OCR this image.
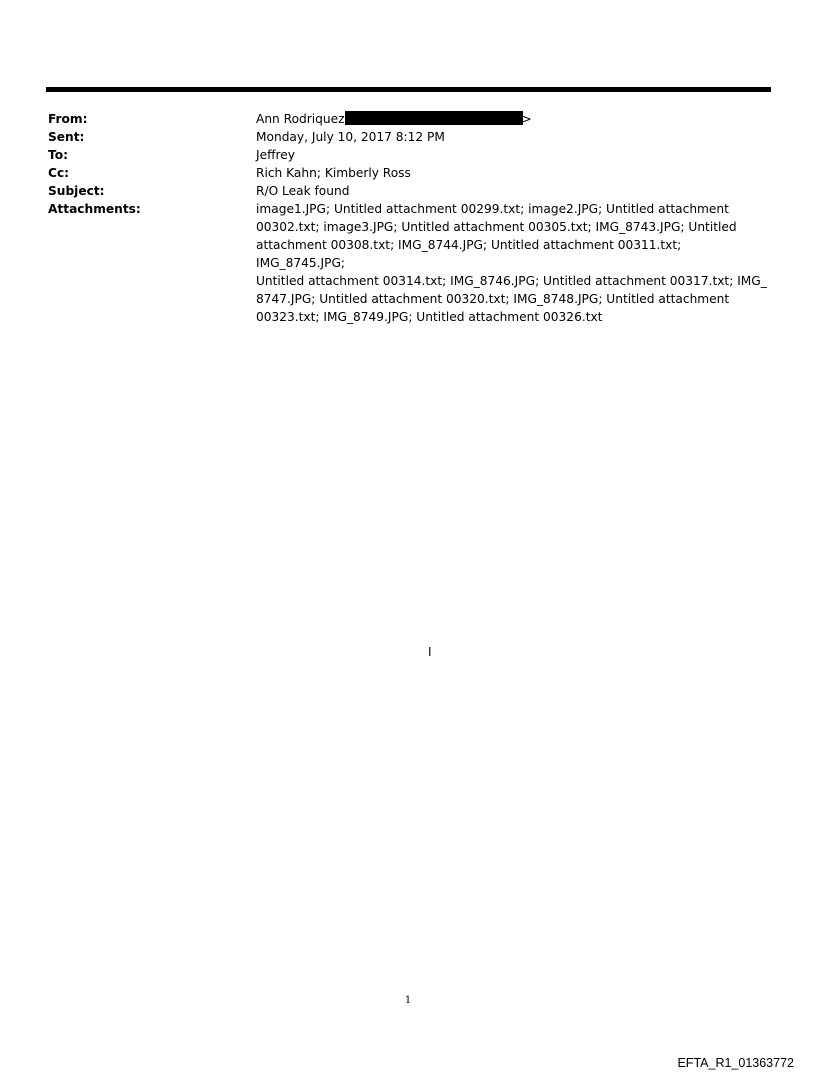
From:	Ann Rodriquez	>
Sent:	Monday, July 10, 2017 8:12 PM
To:	Jeffrey
Cc:	Rich Kahn; Kimberly Ross
Subject:	R/O Leak found
Attachments:	image1.JPG; Untitled attachment 00299.txt; image2.JPG; Untitled attachment
00302.txt; image3.JPG; Untitled attachment 00305.txt; IMG_8743.JPG; Untitled
attachment 00308.txt; IMG_8744.JPG; Untitled attachment 00311.txt; IMG_8745.JPG;
Untitled attachment 00314.txt; IMG_8746.JPG; Untitled attachment 00317.txt; IMG_
8747.JPG; Untitled attachment 00320.txt; IMG_8748.JPG; Untitled attachment
00323.txt; IMG_8749.JPG; Untitled attachment 00326.txt
I
1
EFTA_R1_01363772
